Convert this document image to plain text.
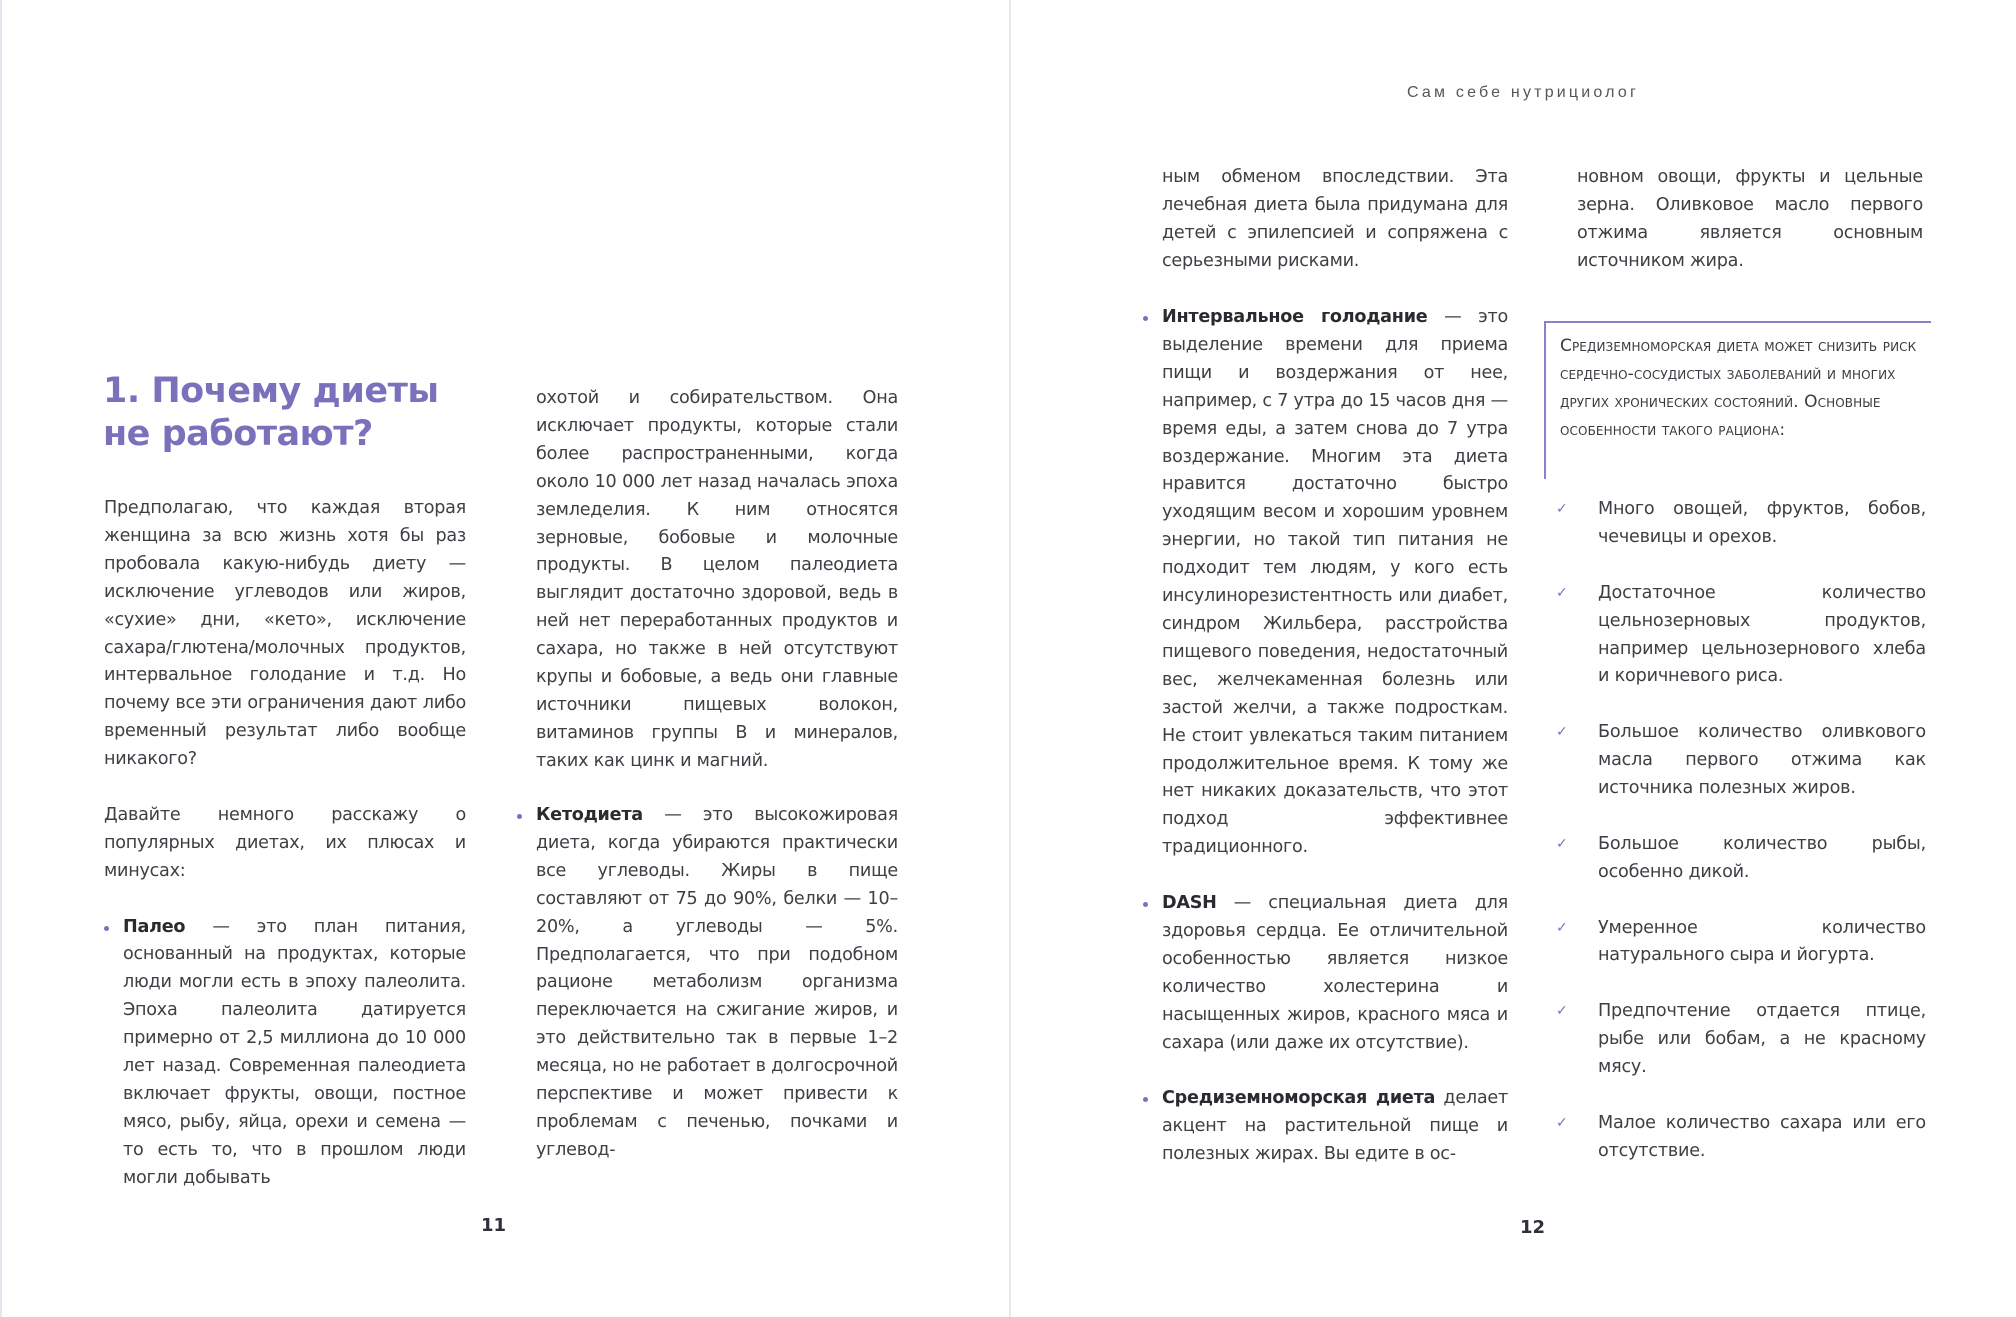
Сам себе нутрициолог
1. Почему диеты не работают?

Предполагаю, что каждая вторая женщина за всю жизнь хотя бы раз пробовала какую-нибудь диету — исключение углеводов или жиров, «сухие» дни, «кето», исключение сахара/глютена/молочных продуктов, интервальное голодание и т.д. Но почему все эти ограничения дают либо временный результат либо вообще никакого?

Давайте немного расскажу о популярных диетах, их плюсах и минусах:

Палео — это план питания, основанный на продуктах, которые люди могли есть в эпоху палеолита. Эпоха палеолита датируется примерно от 2,5 миллиона до 10 000 лет назад. Современная палеодиета включает фрукты, овощи, постное мясо, рыбу, яйца, орехи и семена — то есть то, что в прошлом люди могли добывать

охотой и собирательством. Она исключает продукты, которые стали более распространенными, когда около 10 000 лет назад началась эпоха земледелия. К ним относятся зерновые, бобовые и молочные продукты. В целом палеодиета выглядит достаточно здоровой, ведь в ней нет переработанных продуктов и сахара, но также в ней отсутствуют крупы и бобовые, а ведь они главные источники пищевых волокон, витаминов группы В и минералов, таких как цинк и магний.

Кетодиета — это высокожировая диета, когда убираются практически все углеводы. Жиры в пище составляют от 75 до 90%, белки — 10–20%, а углеводы — 5%. Предполагается, что при подобном рационе метаболизм организма переключается на сжигание жиров, и это действительно так в первые 1–2 месяца, но не работает в долгосрочной перспективе и может привести к проблемам с печенью, почками и углевод-
11

ным обменом впоследствии. Эта лечебная диета была придумана для детей с эпилепсией и сопряжена с серьезными рисками.

Интервальное голодание — это выделение времени для приема пищи и воздержания от нее, например, с 7 утра до 15 часов дня — время еды, а затем снова до 7 утра воздержание. Многим эта диета нравится достаточно быстро уходящим весом и хорошим уровнем энергии, но такой тип питания не подходит тем людям, у кого есть инсулинорезистентность или диабет, синдром Жильбера, расстройства пищевого поведения, недостаточный вес, желчекаменная болезнь или застой желчи, а также подросткам. Не стоит увлекаться таким питанием продолжительное время. К тому же нет никаких доказательств, что этот подход эффективнее традиционного.
DASH — специальная диета для здоровья сердца. Ее отличительной особенностью является низкое количество холестерина и насыщенных жиров, красного мяса и сахара (или даже их отсутствие).
Средиземноморская диета делает акцент на растительной пище и полезных жирах. Вы едите в ос-

новном овощи, фрукты и цельные зерна. Оливковое масло первого отжима является основным источником жира.

Средиземноморская диета может снизить риск сердечно-сосудистых заболеваний и многих других хронических состояний. Основные особенности такого рациона:
✓ Много овощей, фруктов, бобов, чечевицы и орехов.
✓ Достаточное количество цельнозерновых продуктов, например цельнозернового хлеба и коричневого риса.
✓ Большое количество оливкового масла первого отжима как источника полезных жиров.
✓ Большое количество рыбы, особенно дикой.
✓ Умеренное количество натурального сыра и йогурта.
✓ Предпочтение отдается птице, рыбе или бобам, а не красному мясу.
✓ Малое количество сахара или его отсутствие.
12
